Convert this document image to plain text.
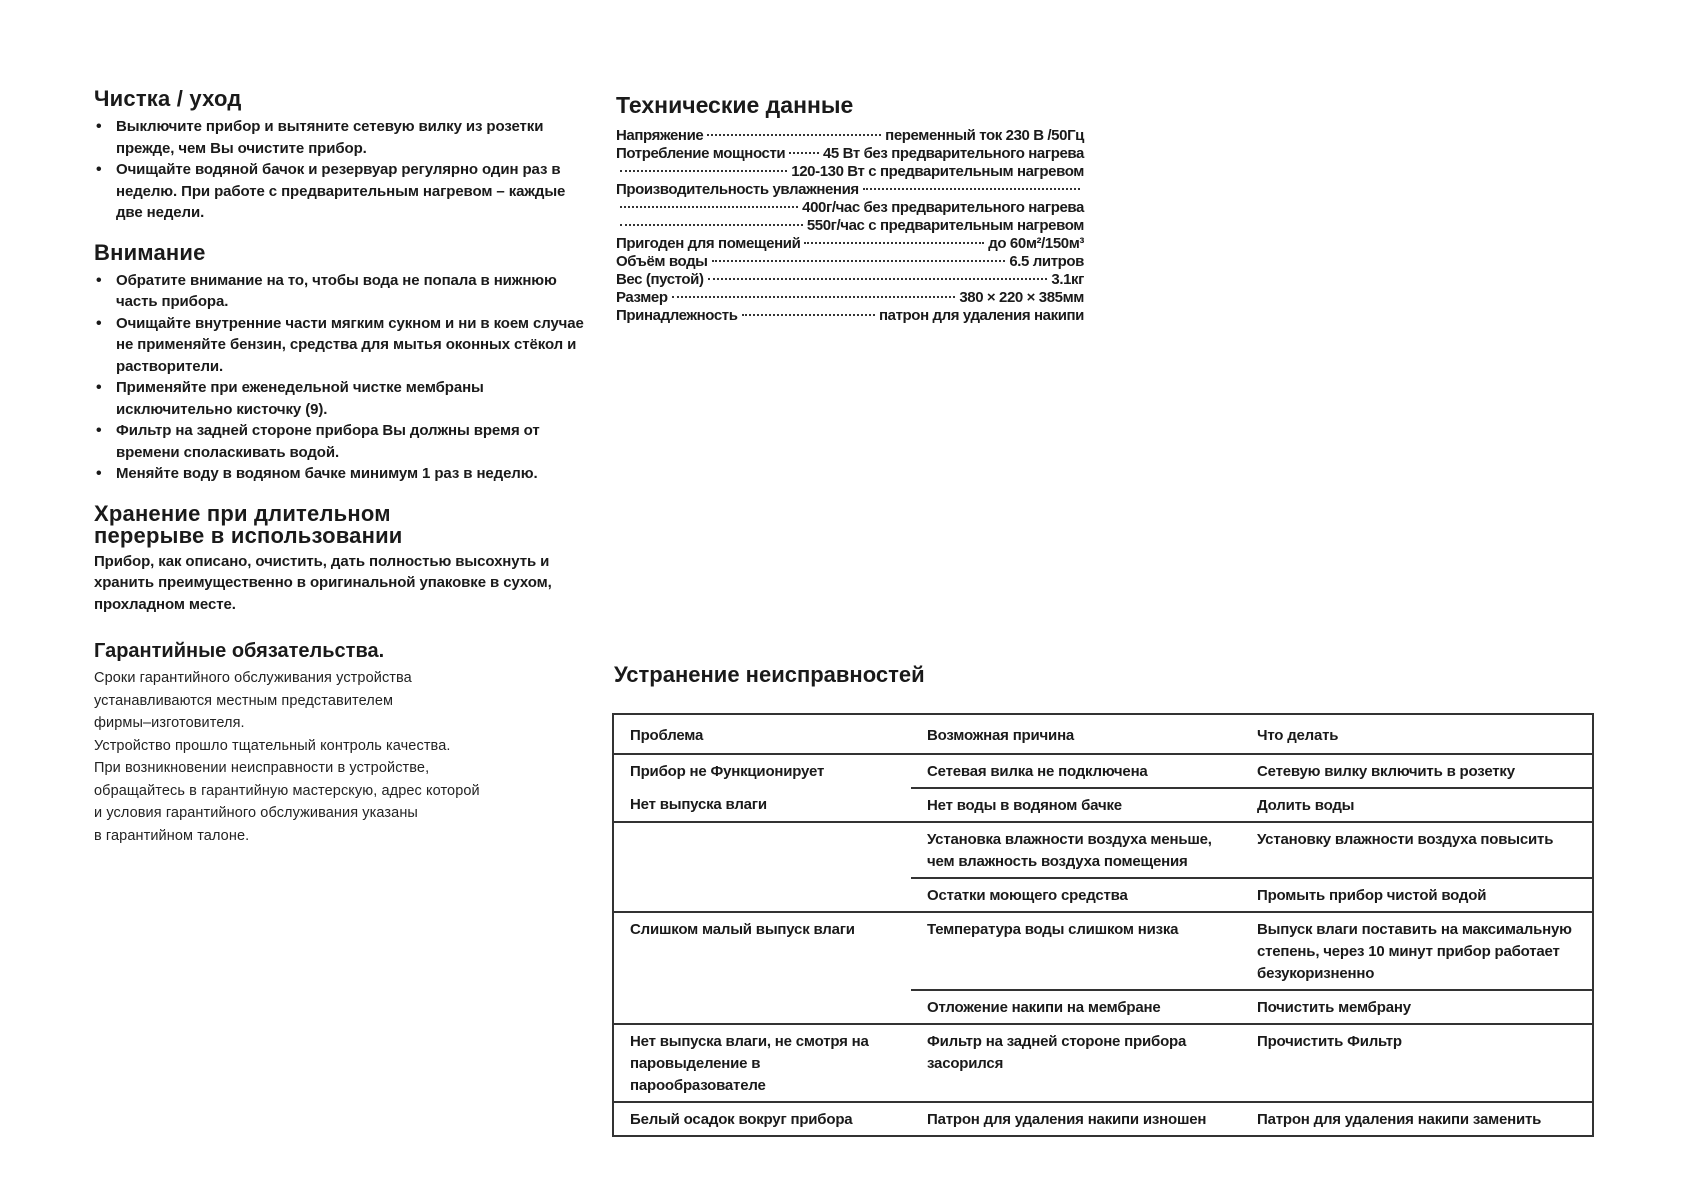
Чистка / уход
• Выключите прибор и вытяните сетевую вилку из розетки прежде, чем Вы очистите прибор.
• Очищайте водяной бачок и резервуар регулярно один раз в неделю. При работе с предварительным нагревом – каждые две недели.
Внимание
• Обратите внимание на то, чтобы вода не попала в нижнюю часть прибора.
• Очищайте внутренние части мягким сукном и ни в коем случае не применяйте бензин, средства для мытья оконных стёкол и растворители.
• Применяйте при еженедельной чистке мембраны исключительно кисточку (9).
• Фильтр на задней стороне прибора Вы должны время от времени споласкивать водой.
• Меняйте воду в водяном бачке минимум 1 раз в неделю.
Хранение при длительном
перерыве в использовании
Прибор, как описано, очистить, дать полностью высохнуть и хранить преимущественно в оригинальной упаковке в сухом, прохладном месте.
Гарантийные обязательства.
Сроки гарантийного обслуживания устройства
устанавливаются местным представителем
фирмы–изготовителя.
Устройство прошло тщательный контроль качества.
При возникновении неисправности в устройстве,
обращайтесь в гарантийную мастерскую, адрес которой
и условия гарантийного обслуживания указаны
в гарантийном талоне.
Технические данные
Напряжение	переменный ток 230 В /50Гц
Потребление мощности	45 Вт без предварительного нагрева
120-130 Вт с предварительным нагревом
Производительность увлажнения
400г/час без предварительного нагрева
550г/час с предварительным нагревом
Пригоден для помещений	до 60м²/150м³
Объём воды	6.5 литров
Вес (пустой)	3.1кг
Размер	380 × 220 × 385мм
Принадлежность	патрон для удаления накипи
Устранение неисправностей
Проблема	Возможная причина	Что делать
Прибор не Функционирует	Сетевая вилка не подключена	Сетевую вилку включить в розетку
Нет выпуска влаги	Нет воды в водяном бачке	Долить воды
	Установка влажности воздуха меньше, чем влажность воздуха помещения	Установку влажности воздуха повысить
	Остатки моющего средства	Промыть прибор чистой водой
Слишком малый выпуск влаги	Температура воды слишком низка	Выпуск влаги поставить на максимальную степень, через 10 минут прибор работает безукоризненно
	Отложение накипи на мембране	Почистить мембрану
Нет выпуска влаги, не смотря на паровыделение в парообразователе	Фильтр на задней стороне прибора засорился	Прочистить Фильтр
Белый осадок вокруг прибора	Патрон для удаления накипи изношен	Патрон для удаления накипи заменить
